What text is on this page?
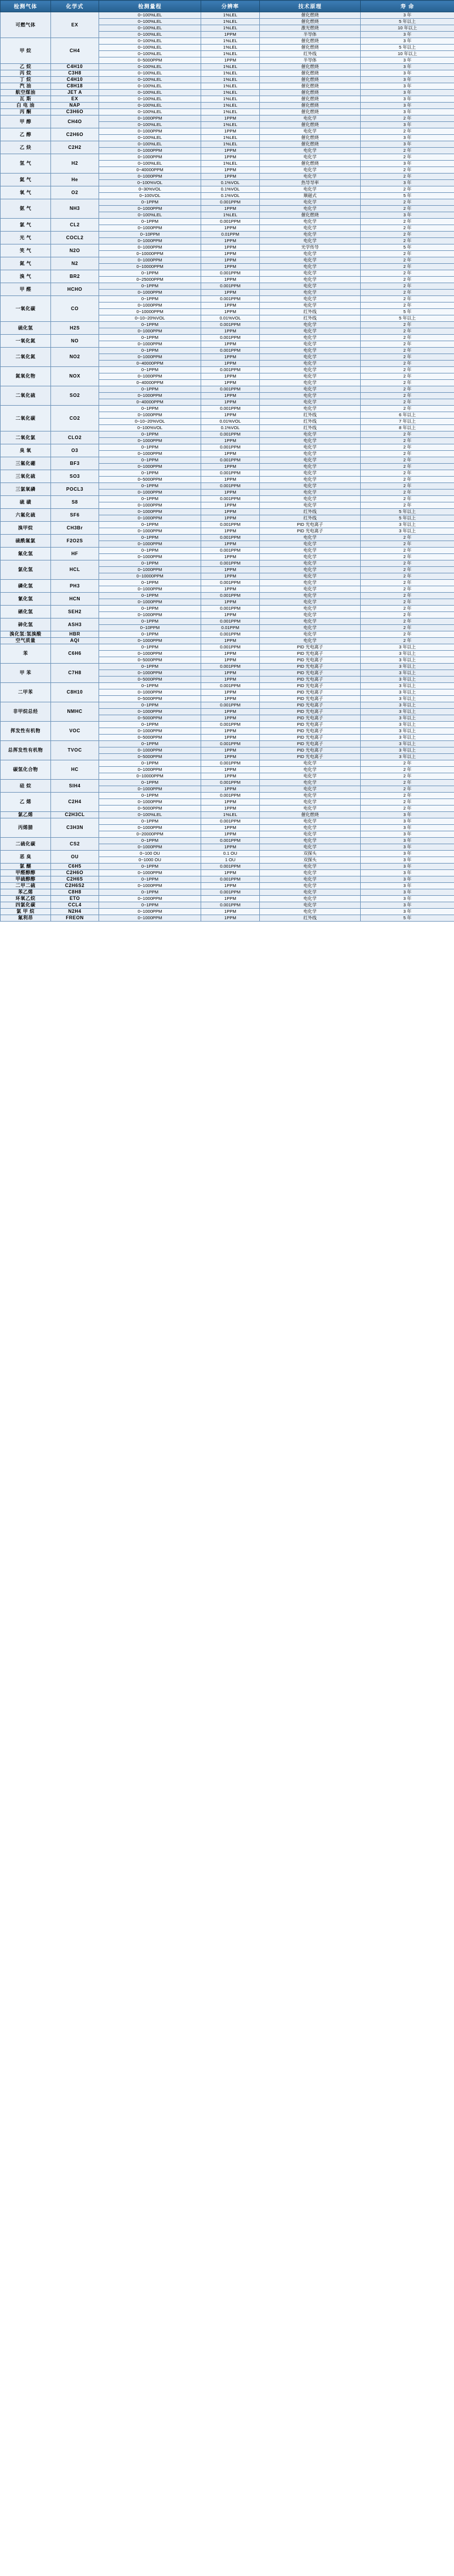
检测气体	化学式	检测量程	分辨率	技术原理	寿 命
可燃气体	EX	0~100%LEL	1%LEL	催化燃烧	3 年
		0~100%LEL	1%LEL	催化燃烧	5 年以上
		0~100%LEL	1%LEL	激光燃烧	10 年以上
		0~100%LEL	1PPM	半导体	3 年
甲 烷	CH4	0~100%LEL	1%LEL	催化燃烧	3 年
		0~100%LEL	1%LEL	催化燃烧	5 年以上
		0~100%LEL	1%LEL	红外线	10 年以上
		0~5000PPM	1PPM	半导体	3 年
乙 烷	C4H10	0~100%LEL	1%LEL	催化燃烧	3 年
丙 烷	C3H8	0~100%LEL	1%LEL	催化燃烧	3 年
丁 烷	C4H10	0~100%LEL	1%LEL	催化燃烧	3 年
汽 油	C8H18	0~100%LEL	1%LEL	催化燃烧	3 年
航空煤油	JET A	0~100%LEL	1%LEL	催化燃烧	3 年
瓦 斯	EX	0~100%LEL	1%LEL	催化燃烧	3 年
白 电 油	NAP	0~100%LEL	1%LEL	催化燃烧	3 年
丙 酮	C3H6O	0~100%LEL	1%LEL	催化燃烧	3 年
甲 醇	CH4O	0~1000PPM	1PPM	电化学	2 年
		0~100%LEL	1%LEL	催化燃烧	3 年
乙 醇	C2H6O	0~1000PPM	1PPM	电化学	2 年
		0~100%LEL	1%LEL	催化燃烧	3 年
乙 炔	C2H2	0~100%LEL	1%LEL	催化燃烧	3 年
		0~1000PPM	1PPM	电化学	2 年
氢 气	H2	0~1000PPM	1PPM	电化学	2 年
		0~100%LEL	1%LEL	催化燃烧	3 年
		0~40000PPM	1PPM	电化学	2 年
氦 气	He	0~1000PPM	1PPM	电化学	2 年
		0~100%VOL	0.1%VOL	热导导率	3 年
氧 气	O2	0~30%VOL	0.1%VOL	电化学	2 年
		0~100VOL	0.1%VOL	顺磁式	5 年
氨 气	NH3	0~1PPM	0.001PPM	电化学	2 年
		0~1000PPM	1PPM	电化学	2 年
		0~100%LEL	1%LEL	催化燃烧	3 年
氯 气	CL2	0~1PPM	0.001PPM	电化学	2 年
		0~1000PPM	1PPM	电化学	2 年
光 气	COCL2	0~10PPM	0.01PPM	电化学	2 年
		0~1000PPM	1PPM	电化学	2 年
笑 气	N2O	0~1000PPM	1PPM	光学传导	5 年
		0~10000PPM	1PPM	电化学	2 年
氮 气	N2	0~1000PPM	1PPM	电化学	2 年
		0~10000PPM	1PPM	电化学	2 年
溴 气	BR2	0~1PPM	0.001PPM	电化学	2 年
		0~25000PPM	1PPM	电化学	2 年
甲 醛	HCHO	0~1PPM	0.001PPM	电化学	2 年
		0~1000PPM	1PPM	电化学	2 年
一氧化碳	CO	0~1PPM	0.001PPM	电化学	2 年
		0~1000PPM	1PPM	电化学	2 年
		0~10000PPM	1PPM	红外线	5 年
		0~10~20%VOL	0.01%VOL	红外线	5 年以上
硫化氢	H2S	0~1PPM	0.001PPM	电化学	2 年
		0~1000PPM	1PPM	电化学	2 年
一氧化氮	NO	0~1PPM	0.001PPM	电化学	2 年
		0~1000PPM	1PPM	电化学	2 年
二氧化氮	NO2	0~1PPM	0.001PPM	电化学	2 年
		0~1000PPM	1PPM	电化学	2 年
		0~40000PPM	1PPM	电化学	2 年
氮氧化物	NOX	0~1PPM	0.001PPM	电化学	2 年
		0~1000PPM	1PPM	电化学	2 年
		0~40000PPM	1PPM	电化学	2 年
二氧化硫	SO2	0~1PPM	0.001PPM	电化学	2 年
		0~1000PPM	1PPM	电化学	2 年
		0~40000PPM	1PPM	电化学	2 年
二氧化碳	CO2	0~1PPM	0.001PPM	电化学	2 年
		0~1000PPM	1PPM	红外线	6 年以上
		0~10~20%VOL	0.01%VOL	红外线	7 年以上
		0~100%VOL	0.1%VOL	红外线	8 年以上
二氧化氯	CLO2	0~1PPM	0.001PPM	电化学	2 年
		0~1000PPM	1PPM	电化学	2 年
臭 氧	O3	0~1PPM	0.001PPM	电化学	2 年
		0~1000PPM	1PPM	电化学	2 年
三氟化硼	BF3	0~1PPM	0.001PPM	电化学	2 年
		0~1000PPM	1PPM	电化学	2 年
三氧化硫	SO3	0~1PPM	0.001PPM	电化学	2 年
		0~5000PPM	1PPM	电化学	2 年
三氯氧磷	POCL3	0~1PPM	0.001PPM	电化学	2 年
		0~1000PPM	1PPM	电化学	2 年
硫 磺	S8	0~1PPM	0.001PPM	电化学	2 年
		0~1000PPM	1PPM	电化学	2 年
六氟化硫	SF6	0~1000PPM	1PPM	红外线	5 年以上
		0~1000PPM	1PPM	红外线	5 年以上
溴甲烷	CH3Br	0~1PPM	0.001PPM	PID 光电离子	3 年以上
		0~1000PPM	1PPM	PID 光电离子	3 年以上
硫酰氟氯	F2O2S	0~1PPM	0.001PPM	电化学	2 年
		0~1000PPM	1PPM	电化学	2 年
氟化氢	HF	0~1PPM	0.001PPM	电化学	2 年
		0~1000PPM	1PPM	电化学	2 年
氯化氢	HCL	0~1PPM	0.001PPM	电化学	2 年
		0~1000PPM	1PPM	电化学	2 年
		0~10000PPM	1PPM	电化学	2 年
磷化氢	PH3	0~1PPM	0.001PPM	电化学	2 年
		0~1000PPM	1PPM	电化学	2 年
氰化氢	HCN	0~1PPM	0.001PPM	电化学	2 年
		0~1000PPM	1PPM	电化学	2 年
硒化氢	SEH2	0~1PPM	0.001PPM	电化学	2 年
		0~1000PPM	1PPM	电化学	2 年
砷化氢	ASH3	0~1PPM	0.001PPM	电化学	2 年
		0~10PPM	0.01PPM	电化学	2 年
溴化氢:氢溴酸	HBR	0~1PPM	0.001PPM	电化学	2 年
空气质量	AQI	0~1000PPM	1PPM	电化学	2 年
苯	C6H6	0~1PPM	0.001PPM	PID 光电离子	3 年以上
		0~1000PPM	1PPM	PID 光电离子	3 年以上
		0~5000PPM	1PPM	PID 光电离子	3 年以上
甲 苯	C7H8	0~1PPM	0.001PPM	PID 光电离子	3 年以上
		0~1000PPM	1PPM	PID 光电离子	3 年以上
		0~5000PPM	1PPM	PID 光电离子	3 年以上
二甲苯	C8H10	0~1PPM	0.001PPM	PID 光电离子	3 年以上
		0~1000PPM	1PPM	PID 光电离子	3 年以上
		0~5000PPM	1PPM	PID 光电离子	3 年以上
非甲烷总烃	NMHC	0~1PPM	0.001PPM	PID 光电离子	3 年以上
		0~1000PPM	1PPM	PID 光电离子	3 年以上
		0~5000PPM	1PPM	PID 光电离子	3 年以上
挥发性有机物	VOC	0~1PPM	0.001PPM	PID 光电离子	3 年以上
		0~1000PPM	1PPM	PID 光电离子	3 年以上
		0~5000PPM	1PPM	PID 光电离子	3 年以上
总挥发性有机物	TVOC	0~1PPM	0.001PPM	PID 光电离子	3 年以上
		0~1000PPM	1PPM	PID 光电离子	3 年以上
		0~5000PPM	1PPM	PID 光电离子	3 年以上
碳氢化合物	HC	0~1PPM	0.001PPM	电化学	2 年
		0~1000PPM	1PPM	电化学	2 年
		0~10000PPM	1PPM	电化学	2 年
硅 烷	SIH4	0~1PPM	0.001PPM	电化学	2 年
		0~1000PPM	1PPM	电化学	2 年
乙 烯	C2H4	0~1PPM	0.001PPM	电化学	2 年
		0~1000PPM	1PPM	电化学	2 年
		0~5000PPM	1PPM	电化学	2 年
氯乙烯	C2H3CL	0~100%LEL	1%LEL	催化燃烧	3 年
丙烯腈	C3H3N	0~1PPM	0.001PPM	电化学	3 年
		0~1000PPM	1PPM	电化学	3 年
		0~20000PPM	1PPM	电化学	3 年
二硫化碳	CS2	0~1PPM	0.001PPM	电化学	3 年
		0~1000PPM	1PPM	电化学	3 年
恶 臭	OU	0~100 OU	0.1 OU	双探头	3 年
		0~1000 OU	1 OU	双探头	3 年
氯 醚	C6H5	0~1PPM	0.001PPM	电化学	3 年
甲醛醇醇	C2H6O	0~1000PPM	1PPM	电化学	3 年
甲硫醇醇	C2H6S	0~1PPM	0.001PPM	电化学	3 年
二甲二硫	C2H6S2	0~1000PPM	1PPM	电化学	3 年
苯乙烯	C8H8	0~1PPM	0.001PPM	电化学	3 年
环氧乙烷	ETO	0~1000PPM	1PPM	电化学	3 年
四氯化碳	CCL4	0~1PPM	0.001PPM	电化学	3 年
氯 甲 烷	N2H4	0~1000PPM	1PPM	电化学	3 年
氟利昂	FREON	0~1000PPM	1PPM	红外线	5 年
